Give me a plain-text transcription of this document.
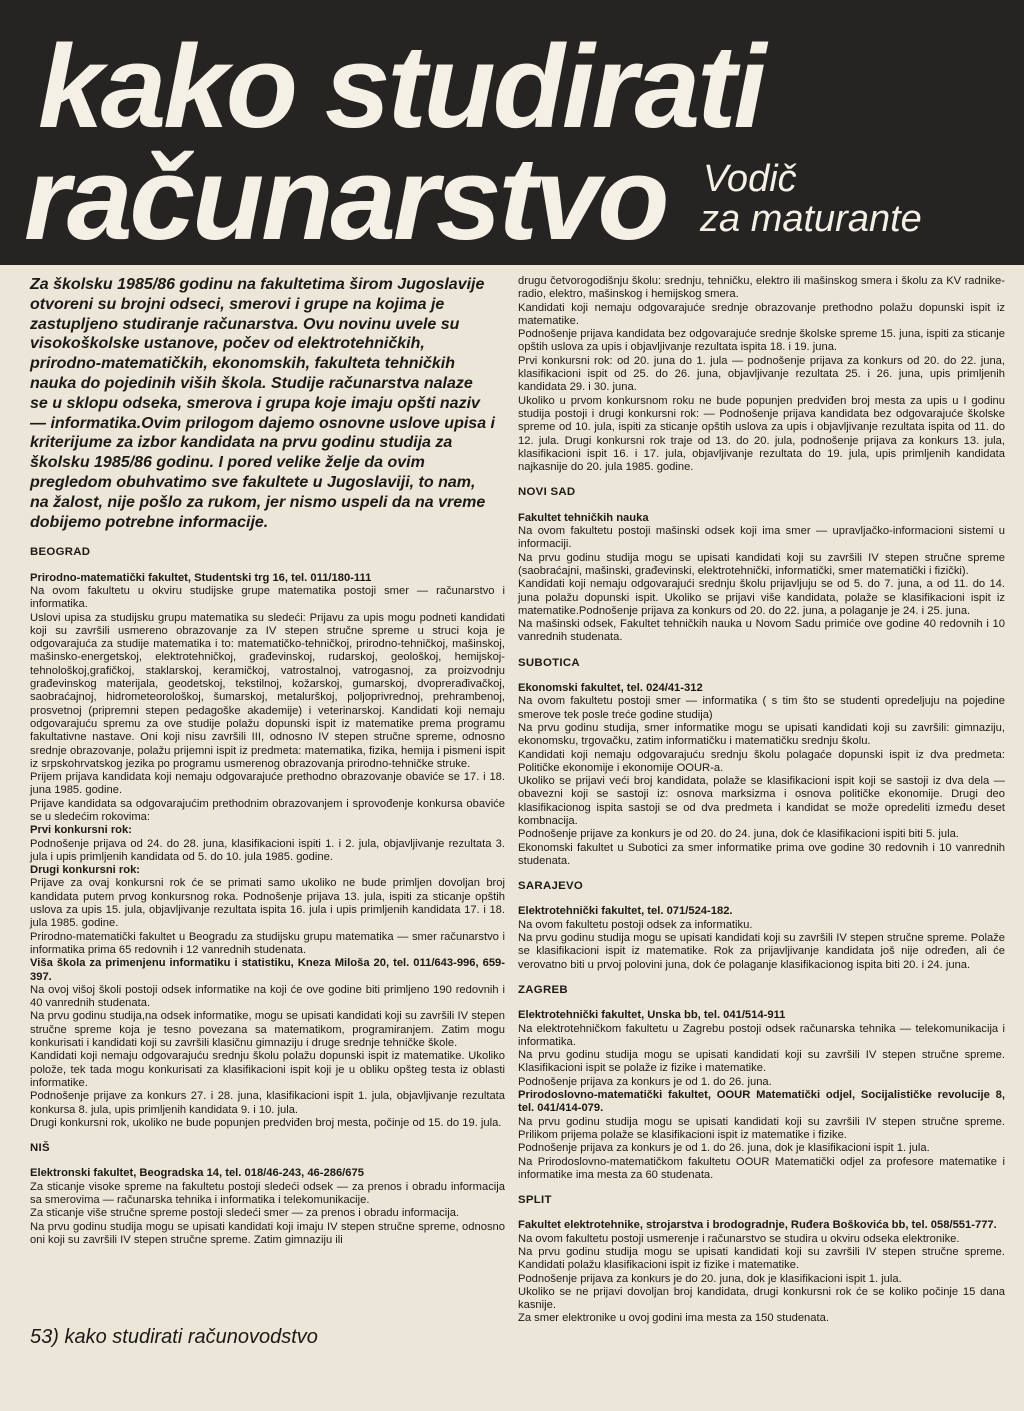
kako studirati
računarstvo Vodič
za maturante

Za školsku 1985/86 godinu na fakultetima širom Jugoslavije otvoreni su brojni odseci, smerovi i grupe na kojima je zastupljeno studiranje računarstva. Ovu novinu uvele su visokoškolske ustanove, počev od elektrotehničkih, prirodno-matematičkih, ekonomskih, fakulteta tehničkih nauka do pojedinih viših škola. Studije računarstva nalaze se u sklopu odseka, smerova i grupa koje imaju opšti naziv — informatika.Ovim prilogom dajemo osnovne uslove upisa i kriterijume za izbor kandidata na prvu godinu studija za školsku 1985/86 godinu. I pored velike želje da ovim pregledom obuhvatimo sve fakultete u Jugoslaviji, to nam, na žalost, nije pošlo za rukom, jer nismo uspeli da na vreme dobijemo potrebne informacije.

BEOGRAD

Prirodno-matematički fakultet, Studentski trg 16, tel. 011/180-111

Na ovom fakultetu u okviru studijske grupe matematika postoji smer — računarstvo i informatika.

Uslovi upisa za studijsku grupu matematika su sledeći: Prijavu za upis mogu podneti kandidati koji su završili usmereno obrazovanje za IV stepen stručne spreme u struci koja je odgovarajuća za studije matematika i to: matematičko-tehničkoj, prirodno-tehničkoj, mašinskoj, mašinsko-energetskoj, elektrotehničkoj, građevinskoj, rudarskoj, geološkoj, hemijskoj-tehnološkoj,grafičkoj, staklarskoj, keramičkoj, vatrostalnoj, vatrogasnoj, za proizvodnju građevinskog materijala, geodetskoj, tekstilnoj, kožarskoj, gumarskoj, dvoprerađivačkoj, saobraćajnoj, hidrometeorološkoj, šumarskoj, metalurškoj, poljoprivrednoj, prehrambenoj, prosvetnoj (pripremni stepen pedagoške akademije) i veterinarskoj. Kandidati koji nemaju odgovarajuću spremu za ove studije polažu dopunski ispit iz matematike prema programu fakultativne nastave. Oni koji nisu završili III, odnosno IV stepen stručne spreme, odnosno srednje obrazovanje, polažu prijemni ispit iz predmeta: matematika, fizika, hemija i pismeni ispit iz srpskohrvatskog jezika po programu usmerenog obrazovanja prirodno-tehničke struke.

Prijem prijava kandidata koji nemaju odgovarajuće prethodno obrazovanje obaviće se 17. i 18. juna 1985. godine.

Prijave kandidata sa odgovarajućim prethodnim obrazovanjem i sprovođenje konkursa obaviće se u sledećim rokovima:

Prvi konkursni rok:

Podnošenje prijava od 24. do 28. juna, klasifikacioni ispiti 1. i 2. jula, objavljivanje rezultata 3. jula i upis primljenih kandidata od 5. do 10. jula 1985. godine.

Drugi konkursni rok:

Prijave za ovaj konkursni rok će se primati samo ukoliko ne bude primljen dovoljan broj kandidata putem prvog konkursnog roka. Podnošenje prijava 13. jula, ispiti za sticanje opštih uslova za upis 15. jula, objavljivanje rezultata ispita 16. jula i upis primljenih kandidata 17. i 18. jula 1985. godine.

Prirodno-matematički fakultet u Beogradu za studijsku grupu matematika — smer računarstvo i informatika prima 65 redovnih i 12 vanrednih studenata.

Viša škola za primenjenu informatiku i statistiku, Kneza Miloša 20, tel. 011/643-996, 659-397.

Na ovoj višoj školi postoji odsek informatike na koji će ove godine biti primljeno 190 redovnih i 40 vanrednih studenata.

Na prvu godinu studija,na odsek informatike, mogu se upisati kandidati koji su završili IV stepen stručne spreme koja je tesno povezana sa matematikom, programiranjem. Zatim mogu konkurisati i kandidati koji su završili klasičnu gimnaziju i druge srednje tehničke škole.

Kandidati koji nemaju odgovarajuću srednju školu polažu dopunski ispit iz matematike. Ukoliko polože, tek tada mogu konkurisati za klasifikacioni ispit koji je u obliku opšteg testa iz oblasti informatike.

Podnošenje prijave za konkurs 27. i 28. juna, klasifikacioni ispit 1. jula, objavljivanje rezultata konkursa 8. jula, upis primljenih kandidata 9. i 10. jula.

Drugi konkursni rok, ukoliko ne bude popunjen predviđen broj mesta, počinje od 15. do 19. jula.

NIŠ

Elektronski fakultet, Beogradska 14, tel. 018/46-243, 46-286/675

Za sticanje visoke spreme na fakultetu postoji sledeći odsek — za prenos i obradu informacija sa smerovima — računarska tehnika i informatika i telekomunikacije.

Za sticanje više stručne spreme postoji sledeći smer — za prenos i obradu informacija.

Na prvu godinu studija mogu se upisati kandidati koji imaju IV stepen stručne spreme, odnosno oni koji su završili IV stepen stručne spreme. Zatim gimnaziju ili

drugu četvorogodišnju školu: srednju, tehničku, elektro ili mašinskog smera i školu za KV radnike-radio, elektro, mašinskog i hemijskog smera.

Kandidati koji nemaju odgovarajuće srednje obrazovanje prethodno polažu dopunski ispit iz matematike.

Podnošenje prijava kandidata bez odgovarajuće srednje školske spreme 15. juna, ispiti za sticanje opštih uslova za upis i objavljivanje rezultata ispita 18. i 19. juna.

Prvi konkursni rok: od 20. juna do 1. jula — podnošenje prijava za konkurs od 20. do 22. juna, klasifikacioni ispit od 25. do 26. juna, objavljivanje rezultata 25. i 26. juna, upis primljenih kandidata 29. i 30. juna.

Ukoliko u prvom konkursnom roku ne bude popunjen predviđen broj mesta za upis u I godinu studija postoji i drugi konkursni rok: — Podnošenje prijava kandidata bez odgovarajuće školske spreme od 10. jula, ispiti za sticanje opštih uslova za upis i objavljivanje rezultata ispita od 11. do 12. jula. Drugi konkursni rok traje od 13. do 20. jula, podnošenje prijava za konkurs 13. jula, klasifikacioni ispit 16. i 17. jula, objavljivanje rezultata do 19. jula, upis primljenih kandidata najkasnije do 20. jula 1985. godine.

NOVI SAD

Fakultet tehničkih nauka

Na ovom fakultetu postoji mašinski odsek koji ima smer — upravljačko-informacioni sistemi u informaciji.

Na prvu godinu studija mogu se upisati kandidati koji su završili IV stepen stručne spreme (saobraćajni, mašinski, građevinski, elektrotehnički, informatički, smer matematički i fizički).

Kandidati koji nemaju odgovarajući srednju školu prijavljuju se od 5. do 7. juna, a od 11. do 14. juna polažu dopunski ispit. Ukoliko se prijavi više kandidata, polaže se klasifikacioni ispit iz matematike.Podnošenje prijava za konkurs od 20. do 22. juna, a polaganje je 24. i 25. juna.

Na mašinski odsek, Fakultet tehničkih nauka u Novom Sadu primiće ove godine 40 redovnih i 10 vanrednih studenata.

SUBOTICA

Ekonomski fakultet, tel. 024/41-312

Na ovom fakultetu postoji smer — informatika ( s tim što se studenti opredeljuju na pojedine smerove tek posle treće godine studija)

Na prvu godinu studija, smer informatike mogu se upisati kandidati koji su završili: gimnaziju, ekonomsku, trgovačku, zatim informatičku i matematičku srednju školu.

Kandidati koji nemaju odgovarajuću srednju školu polagaće dopunski ispit iz dva predmeta: Političke ekonomije i ekonomije OOUR-a.

Ukoliko se prijavi veći broj kandidata, polaže se klasifikacioni ispit koji se sastoji iz dva dela — obavezni koji se sastoji iz: osnova marksizma i osnova političke ekonomije. Drugi deo klasifikacionog ispita sastoji se od dva predmeta i kandidat se može opredeliti između deset kombnacija.

Podnošenje prijave za konkurs je od 20. do 24. juna, dok će klasifikacioni ispiti biti 5. jula.

Ekonomski fakultet u Subotici za smer informatike prima ove godine 30 redovnih i 10 vanrednih studenata.

SARAJEVO

Elektrotehnički fakultet, tel. 071/524-182.

Na ovom fakultetu postoji odsek za informatiku.

Na prvu godinu studija mogu se upisati kandidati koji su završili IV stepen stručne spreme. Polaže se klasifikacioni ispit iz matematike. Rok za prijavljivanje kandidata još nije određen, ali će verovatno biti u prvoj polovini juna, dok će polaganje klasifikacionog ispita biti 20. i 24. juna.

ZAGREB

Elektrotehnički fakultet, Unska bb, tel. 041/514-911

Na elektrotehničkom fakultetu u Zagrebu postoji odsek računarska tehnika — telekomunikacija i informatika.

Na prvu godinu studija mogu se upisati kandidati koji su završili IV stepen stručne spreme. Klasifikacioni ispit se polaže iz fizike i matematike.

Podnošenje prijava za konkurs je od 1. do 26. juna.

Prirodoslovno-matematički fakultet, OOUR Matematički odjel, Socijalističke revolucije 8, tel. 041/414-079.

Na prvu godinu studija mogu se upisati kandidati koji su završili IV stepen stručne spreme. Prilikom prijema polaže se klasifikacioni ispit iz matematike i fizike.

Podnošenje prijava za konkurs je od 1. do 26. juna, dok je klasifikacioni ispit 1. jula.

Na Prirodoslovno-matematičkom fakultetu OOUR Matematički odjel za profesore matematike i informatike ima mesta za 60 studenata.

SPLIT

Fakultet elektrotehnike, strojarstva i brodogradnje, Ruđera Boškovića bb, tel. 058/551-777.

Na ovom fakultetu postoji usmerenje i računarstvo se studira u okviru odseka elektronike.

Na prvu godinu studija mogu se upisati kandidati koji su završili IV stepen stručne spreme. Kandidati polažu klasifikacioni ispit iz fizike i matematike.

Podnošenje prijava za konkurs je do 20. juna, dok je klasifikacioni ispit 1. jula.

Ukoliko se ne prijavi dovoljan broj kandidata, drugi konkursni rok će se koliko počinje 15 dana kasnije.

Za smer elektronike u ovoj godini ima mesta za 150 studenata.

53) kako studirati računovodstvo
